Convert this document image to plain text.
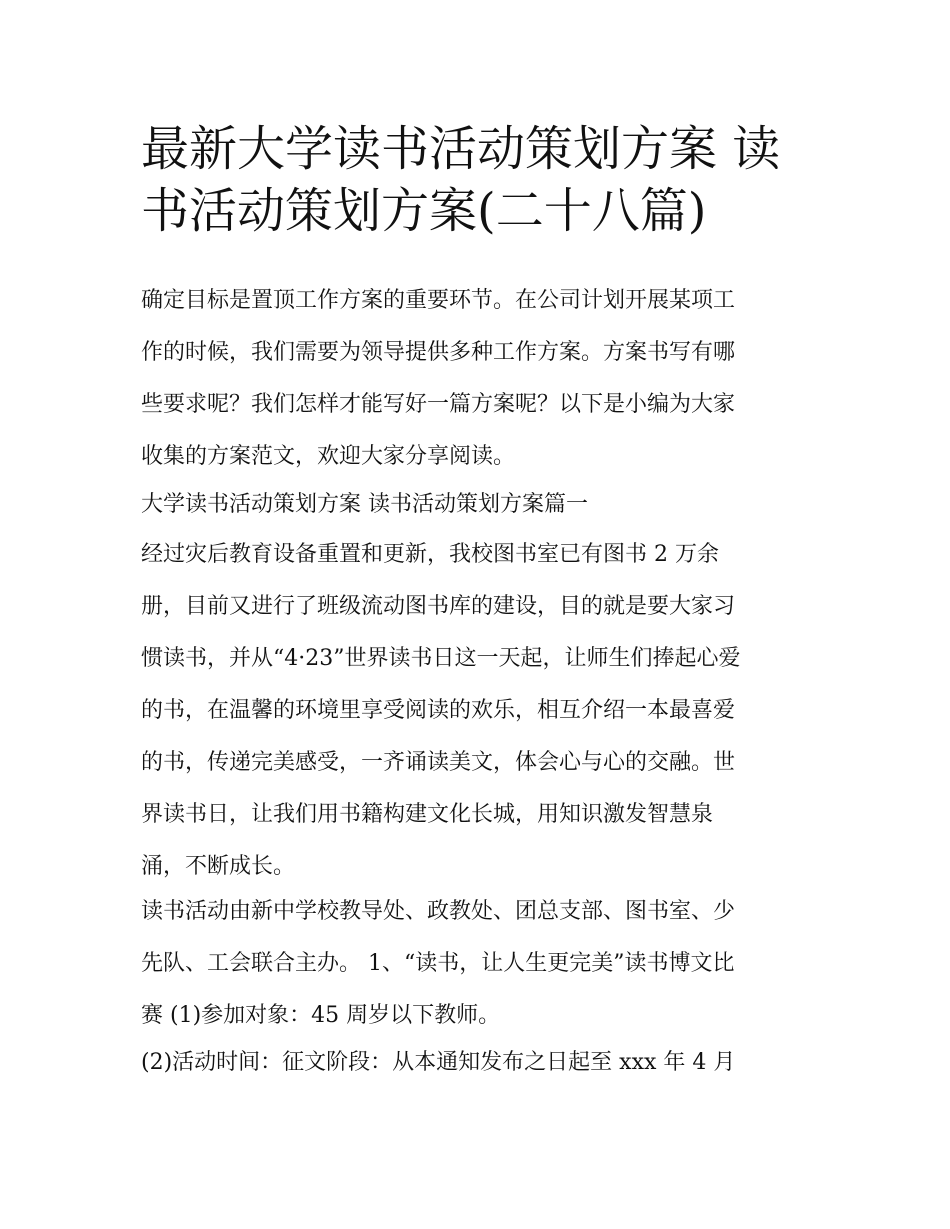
最新大学读书活动策划方案 读
书活动策划方案(二十八篇)
确定目标是置顶工作方案的重要环节。在公司计划开展某项工
作的时候，我们需要为领导提供多种工作方案。方案书写有哪
些要求呢？我们怎样才能写好一篇方案呢？以下是小编为大家
收集的方案范文，欢迎大家分享阅读。
大学读书活动策划方案 读书活动策划方案篇一
经过灾后教育设备重置和更新，我校图书室已有图书 2 万余
册，目前又进行了班级流动图书库的建设，目的就是要大家习
惯读书，并从“4·23”世界读书日这一天起，让师生们捧起心爱
的书，在温馨的环境里享受阅读的欢乐，相互介绍一本最喜爱
的书，传递完美感受，一齐诵读美文，体会心与心的交融。世
界读书日，让我们用书籍构建文化长城，用知识激发智慧泉
涌，不断成长。
读书活动由新中学校教导处、政教处、团总支部、图书室、少
先队、工会联合主办。 1、“读书，让人生更完美”读书博文比
赛 (1)参加对象：45 周岁以下教师。
(2)活动时间：征文阶段：从本通知发布之日起至 xxx 年 4 月
